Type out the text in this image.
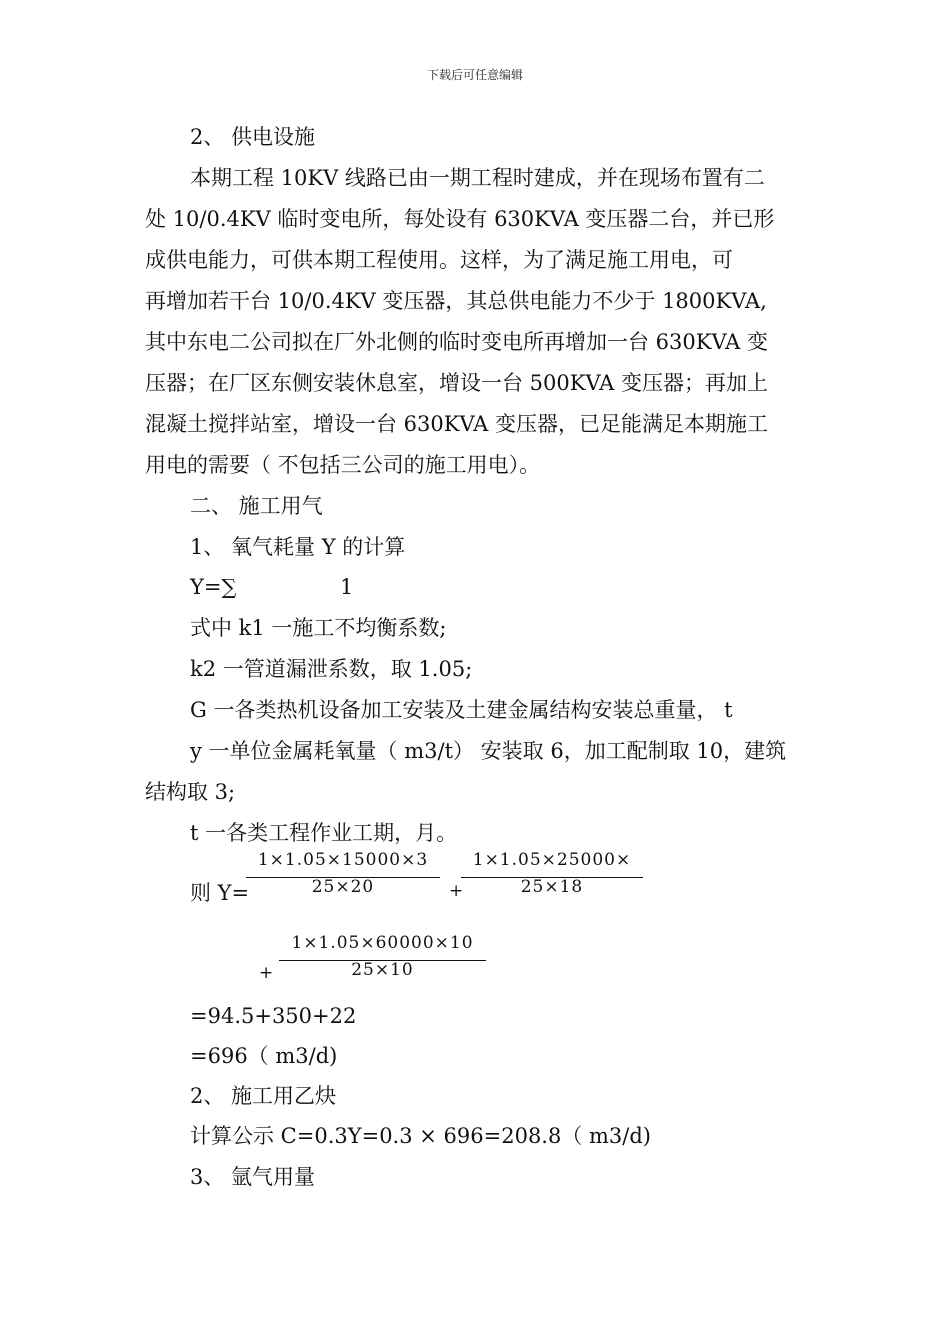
下载后可任意编辑
2、 供电设施
本期工程 10KV 线路已由一期工程时建成，并在现场布置有二
处 10/0.4KV 临时变电所，每处设有 630KVA 变压器二台，并已形
成供电能力，可供本期工程使用。这样，为了满足施工用电，可
再增加若干台 10/0.4KV 变压器，其总供电能力不少于 1800KVA,
其中东电二公司拟在厂外北侧的临时变电所再增加一台 630KVA 变
压器；在厂区东侧安装休息室，增设一台 500KVA 变压器；再加上
混凝土搅拌站室，增设一台 630KVA 变压器，已足能满足本期施工
用电的需要（ 不包括三公司的施工用电）。
二、 施工用气
1、 氧气耗量 Y 的计算
Y=∑	1
式中 k1 一施工不均衡系数;
k2 一管道漏泄系数，取 1.05;
G 一各类热机设备加工安装及土建金属结构安装总重量， t
y 一单位金属耗氧量（ m3/t） 安装取 6，加工配制取 10，建筑
结构取 3;
t 一各类工程作业工期，月。
则 Y=
1×1.05×15000×3
25×20	+
1×1.05×25000×
25×18
+
1×1.05×60000×10
25×10
=94.5+350+22
=696（ m3/d)
2、 施工用乙炔
计算公示 C=0.3Y=0.3 × 696=208.8（ m3/d)
3、 氩气用量
